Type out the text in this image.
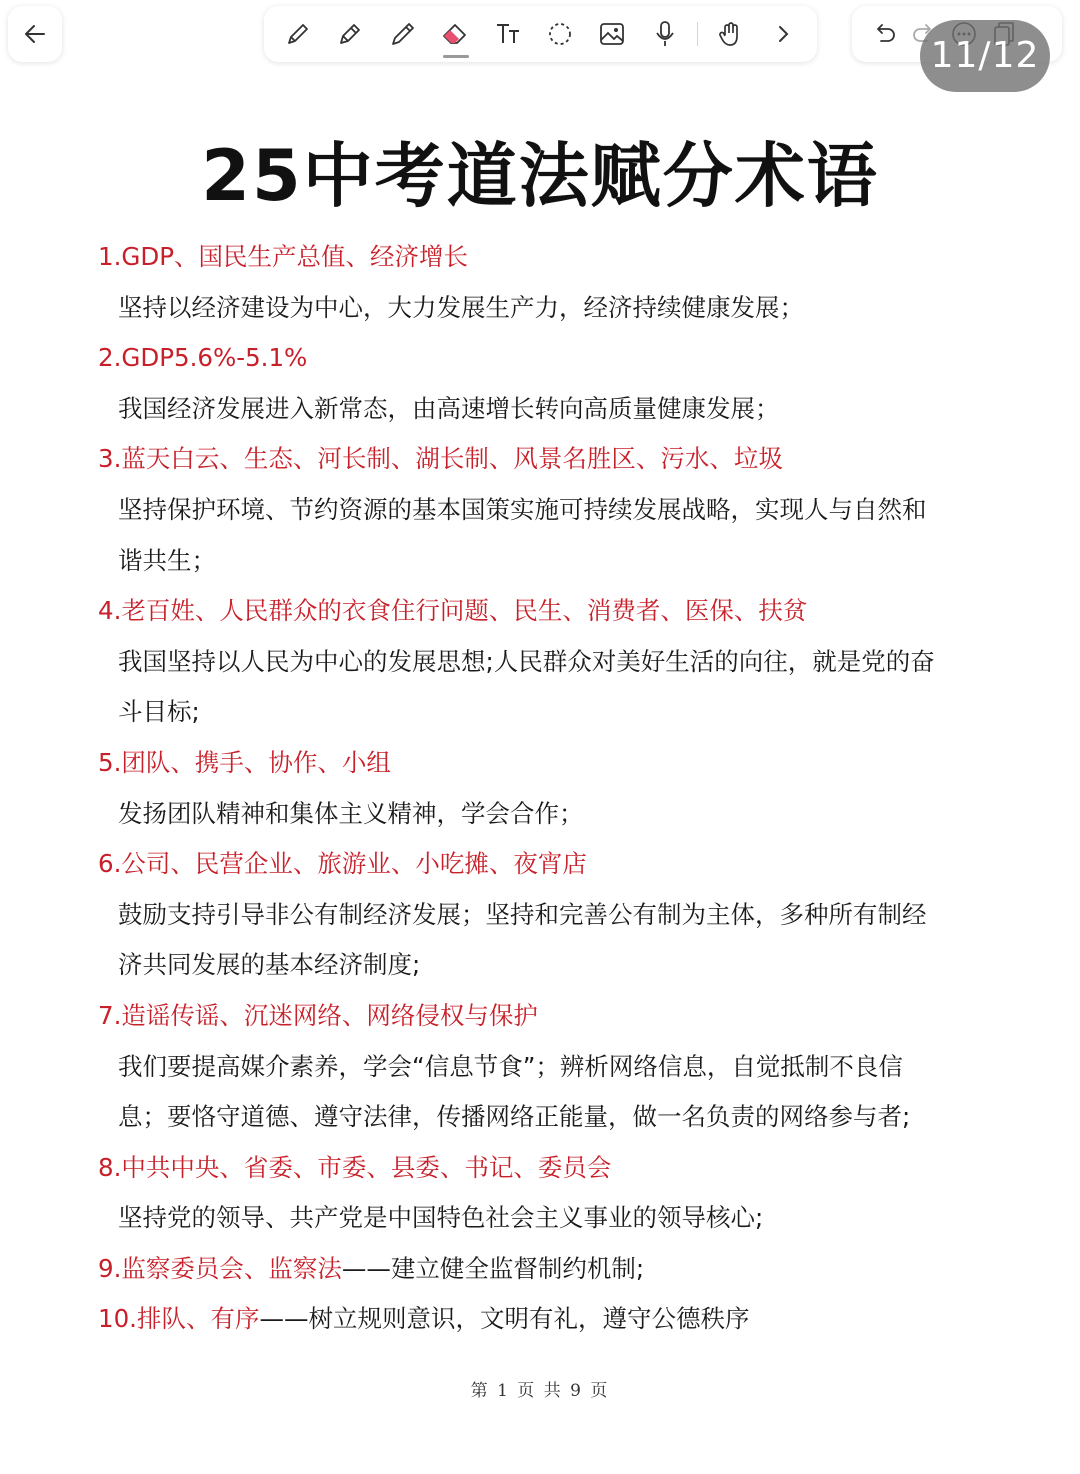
11/12
25中考道法赋分术语
1.GDP、国民生产总值、经济增长
坚持以经济建设为中心，大力发展生产力，经济持续健康发展；
2.GDP5.6%-5.1%
我国经济发展进入新常态，由高速增长转向高质量健康发展；
3.蓝天白云、生态、河长制、湖长制、风景名胜区、污水、垃圾
坚持保护环境、节约资源的基本国策实施可持续发展战略，实现人与自然和
谐共生；
4.老百姓、人民群众的衣食住行问题、民生、消费者、医保、扶贫
我国坚持以人民为中心的发展思想;人民群众对美好生活的向往，就是党的奋
斗目标;
5.团队、携手、协作、小组
发扬团队精神和集体主义精神，学会合作；
6.公司、民营企业、旅游业、小吃摊、夜宵店
鼓励支持引导非公有制经济发展；坚持和完善公有制为主体，多种所有制经
济共同发展的基本经济制度;
7.造谣传谣、沉迷网络、网络侵权与保护
我们要提高媒介素养，学会“信息节食”；辨析网络信息，自觉抵制不良信
息；要恪守道德、遵守法律，传播网络正能量，做一名负责的网络参与者;
8.中共中央、省委、市委、县委、书记、委员会
坚持党的领导、共产党是中国特色社会主义事业的领导核心;
9.监察委员会、监察法——建立健全监督制约机制;
10.排队、有序——树立规则意识，文明有礼，遵守公德秩序
第 1 页 共 9 页
